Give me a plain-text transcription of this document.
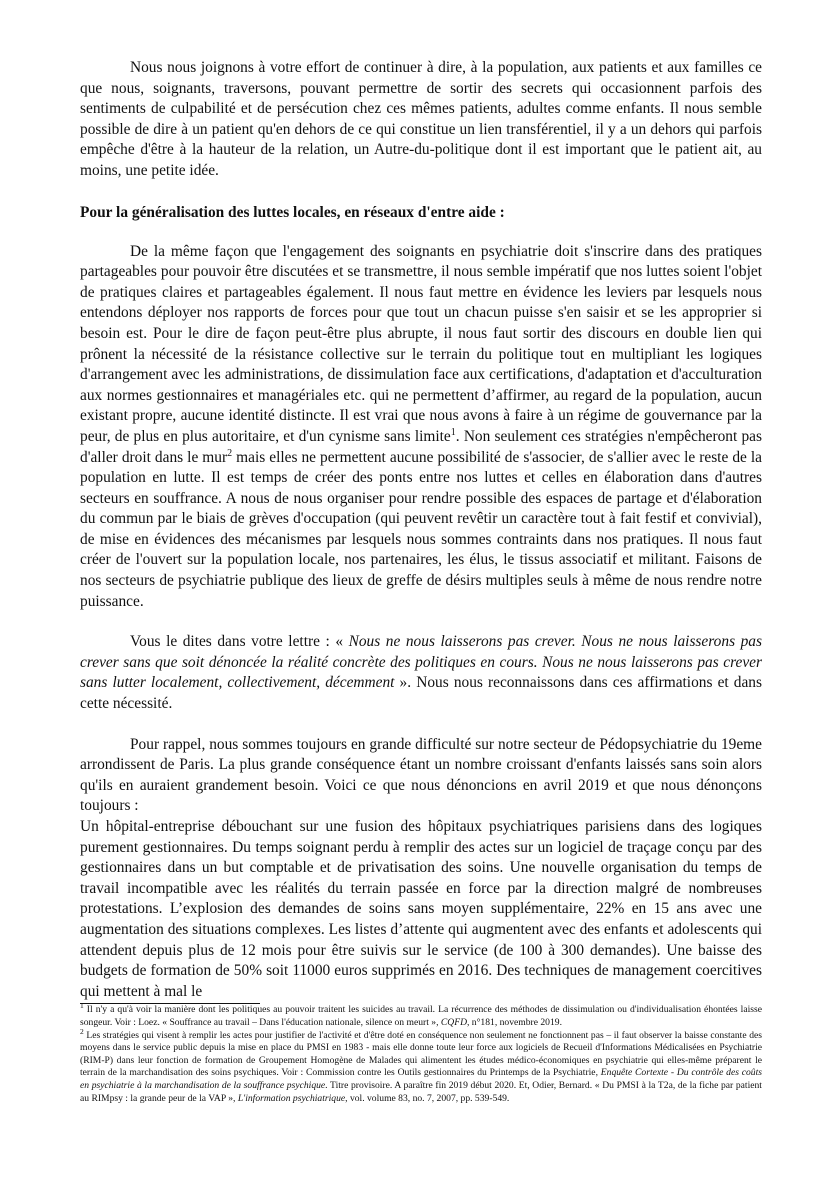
Nous nous joignons à votre effort de continuer à dire, à la population, aux patients et aux familles ce que nous, soignants, traversons, pouvant permettre de sortir des secrets qui occasionnent parfois des sentiments de culpabilité et de persécution chez ces mêmes patients, adultes comme enfants. Il nous semble possible de dire à un patient qu'en dehors de ce qui constitue un lien transférentiel, il y a un dehors qui parfois empêche d'être à la hauteur de la relation, un Autre-du-politique dont il est important que le patient ait, au moins, une petite idée.

Pour la généralisation des luttes locales, en réseaux d'entre aide :

De la même façon que l'engagement des soignants en psychiatrie doit s'inscrire dans des pratiques partageables pour pouvoir être discutées et se transmettre, il nous semble impératif que nos luttes soient l'objet de pratiques claires et partageables également. Il nous faut mettre en évidence les leviers par lesquels nous entendons déployer nos rapports de forces pour que tout un chacun puisse s'en saisir et se les approprier si besoin est. Pour le dire de façon peut-être plus abrupte, il nous faut sortir des discours en double lien qui prônent la nécessité de la résistance collective sur le terrain du politique tout en multipliant les logiques d'arrangement avec les administrations, de dissimulation face aux certifications, d'adaptation et d'acculturation aux normes gestionnaires et managériales etc. qui ne permettent d’affirmer, au regard de la population, aucun existant propre, aucune identité distincte. Il est vrai que nous avons à faire à un régime de gouvernance par la peur, de plus en plus autoritaire, et d'un cynisme sans limite$^1$. Non seulement ces stratégies n'empêcheront pas d'aller droit dans le mur$^2$ mais elles ne permettent aucune possibilité de s'associer, de s'allier avec le reste de la population en lutte. Il est temps de créer des ponts entre nos luttes et celles en élaboration dans d'autres secteurs en souffrance. A nous de nous organiser pour rendre possible des espaces de partage et d'élaboration du commun par le biais de grèves d'occupation (qui peuvent revêtir un caractère tout à fait festif et convivial), de mise en évidences des mécanismes par lesquels nous sommes contraints dans nos pratiques. Il nous faut créer de l'ouvert sur la population locale, nos partenaires, les élus, le tissus associatif et militant. Faisons de nos secteurs de psychiatrie publique des lieux de greffe de désirs multiples seuls à même de nous rendre notre puissance.

Vous le dites dans votre lettre : « Nous ne nous laisserons pas crever. Nous ne nous laisserons pas crever sans que soit dénoncée la réalité concrète des politiques en cours. Nous ne nous laisserons pas crever sans lutter localement, collectivement, décemment ». Nous nous reconnaissons dans ces affirmations et dans cette nécessité.

Pour rappel, nous sommes toujours en grande difficulté sur notre secteur de Pédopsychiatrie du 19eme arrondissent de Paris. La plus grande conséquence étant un nombre croissant d'enfants laissés sans soin alors qu'ils en auraient grandement besoin. Voici ce que nous dénoncions en avril 2019 et que nous dénonçons toujours :

Un hôpital-entreprise débouchant sur une fusion des hôpitaux psychiatriques parisiens dans des logiques purement gestionnaires. Du temps soignant perdu à remplir des actes sur un logiciel de traçage conçu par des gestionnaires dans un but comptable et de privatisation des soins. Une nouvelle organisation du temps de travail incompatible avec les réalités du terrain passée en force par la direction malgré de nombreuses protestations. L’explosion des demandes de soins sans moyen supplémentaire, 22% en 15 ans avec une augmentation des situations complexes. Les listes d’attente qui augmentent avec des enfants et adolescents qui attendent depuis plus de 12 mois pour être suivis sur le service (de 100 à 300 demandes). Une baisse des budgets de formation de 50% soit 11000 euros supprimés en 2016. Des techniques de management coercitives qui mettent à mal le

$^1$ Il n'y a qu'à voir la manière dont les politiques au pouvoir traitent les suicides au travail. La récurrence des méthodes de dissimulation ou d'individualisation éhontées laisse songeur. Voir : Loez. « Souffrance au travail – Dans l'éducation nationale, silence on meurt », CQFD, n°181, novembre 2019.

$^2$ Les stratégies qui visent à remplir les actes pour justifier de l'activité et d'être doté en conséquence non seulement ne fonctionnent pas – il faut observer la baisse constante des moyens dans le service public depuis la mise en place du PMSI en 1983 - mais elle donne toute leur force aux logiciels de Recueil d'Informations Médicalisées en Psychiatrie (RIM-P) dans leur fonction de formation de Groupement Homogène de Malades qui alimentent les études médico-économiques en psychiatrie qui elles-même préparent le terrain de la marchandisation des soins psychiques. Voir : Commission contre les Outils gestionnaires du Printemps de la Psychiatrie, Enquête Cortexte - Du contrôle des coûts en psychiatrie à la marchandisation de la souffrance psychique. Titre provisoire. A paraître fin 2019 début 2020. Et, Odier, Bernard. « Du PMSI à la T2a, de la fiche par patient au RIMpsy : la grande peur de la VAP », L'information psychiatrique, vol. volume 83, no. 7, 2007, pp. 539-549.
